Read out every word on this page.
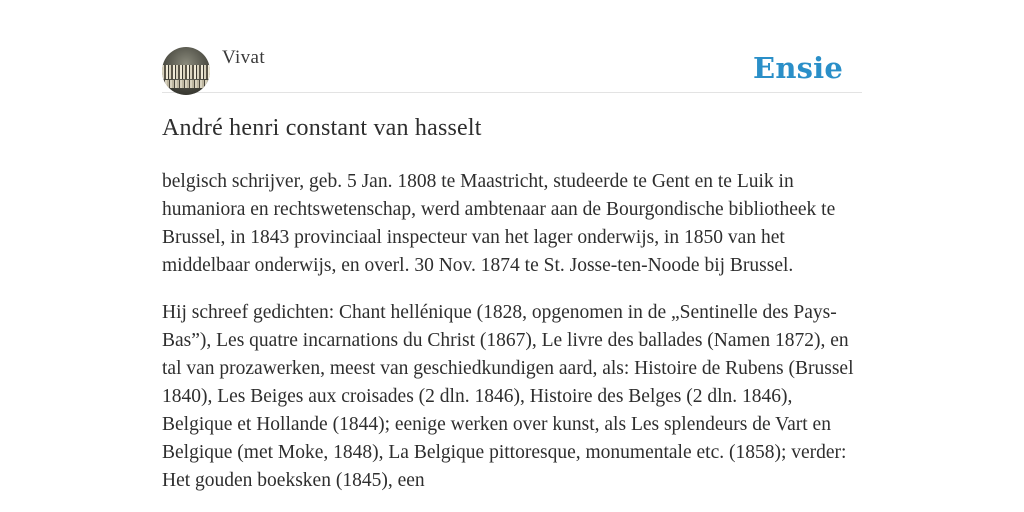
Vivat	Ensie
André henri constant van hasselt

belgisch schrijver, geb. 5 Jan. 1808 te Maastricht, studeerde te Gent en te Luik in humaniora en rechtswetenschap, werd ambtenaar aan de Bourgondische bibliotheek te Brussel, in 1843 provinciaal inspecteur van het lager onderwijs, in 1850 van het middelbaar onderwijs, en overl. 30 Nov. 1874 te St. Josse-ten-Noode bij Brussel.

Hij schreef gedichten: Chant hellénique (1828, opgenomen in de „Sentinelle des Pays-Bas”), Les quatre incarnations du Christ (1867), Le livre des ballades (Namen 1872), en tal van prozawerken, meest van geschiedkundigen aard, als: Histoire de Rubens (Brussel 1840), Les Beiges aux croisades (2 dln. 1846), Histoire des Belges (2 dln. 1846), Belgique et Hollande (1844); eenige werken over kunst, als Les splendeurs de Vart en Belgique (met Moke, 1848), La Belgique pittoresque, monumentale etc. (1858); verder: Het gouden boeksken (1845), een
